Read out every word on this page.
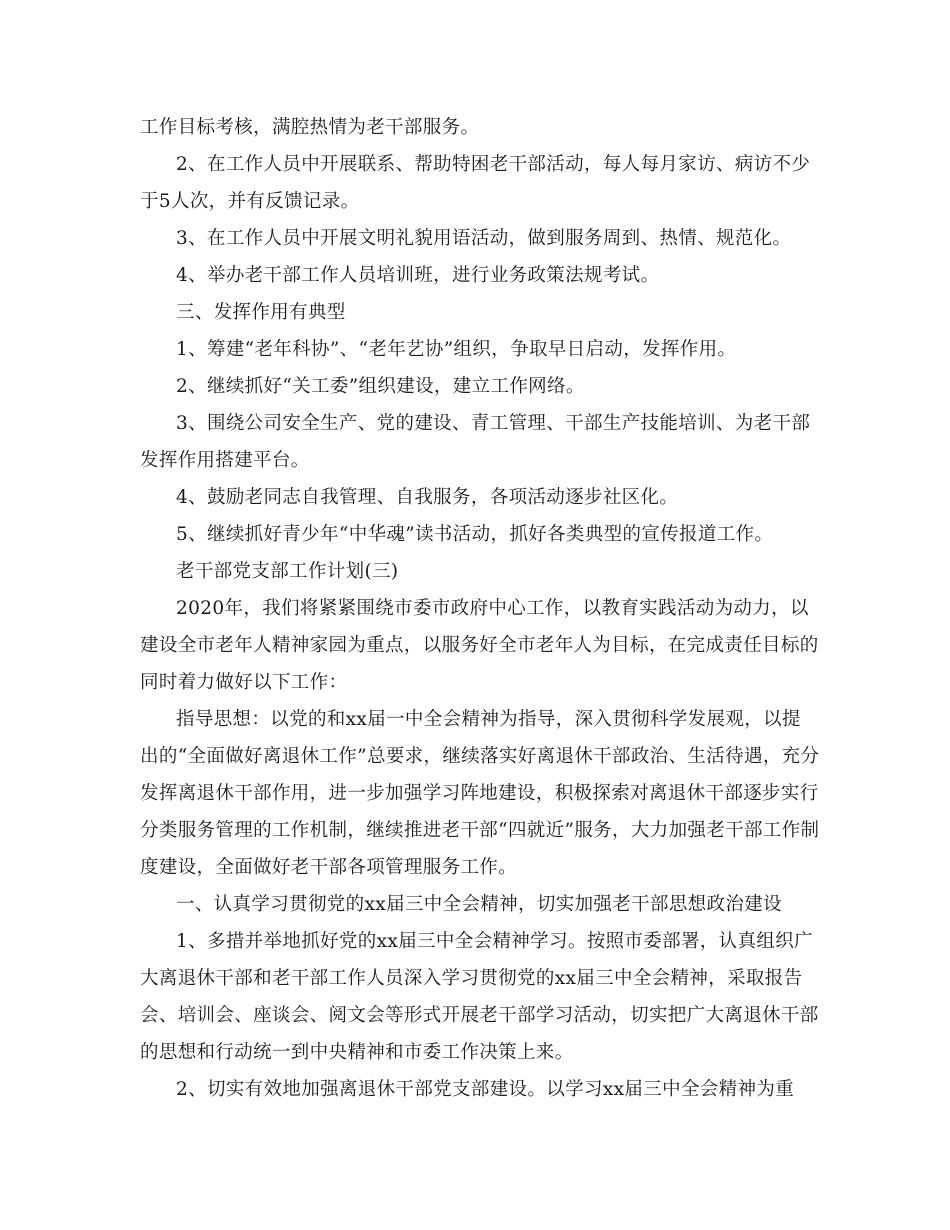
工作目标考核，满腔热情为老干部服务。
2、在工作人员中开展联系、帮助特困老干部活动，每人每月家访、病访不少
于5人次，并有反馈记录。
3、在工作人员中开展文明礼貌用语活动，做到服务周到、热情、规范化。
4、举办老干部工作人员培训班，进行业务政策法规考试。
三、发挥作用有典型
1、筹建“老年科协”、“老年艺协”组织，争取早日启动，发挥作用。
2、继续抓好“关工委”组织建设，建立工作网络。
3、围绕公司安全生产、党的建设、青工管理、干部生产技能培训、为老干部
发挥作用搭建平台。
4、鼓励老同志自我管理、自我服务，各项活动逐步社区化。
5、继续抓好青少年“中华魂”读书活动，抓好各类典型的宣传报道工作。
老干部党支部工作计划(三)
2020年，我们将紧紧围绕市委市政府中心工作，以教育实践活动为动力，以
建设全市老年人精神家园为重点，以服务好全市老年人为目标，在完成责任目标的
同时着力做好以下工作：
指导思想：以党的和xx届一中全会精神为指导，深入贯彻科学发展观，以提
出的“全面做好离退休工作”总要求，继续落实好离退休干部政治、生活待遇，充分
发挥离退休干部作用，进一步加强学习阵地建设，积极探索对离退休干部逐步实行
分类服务管理的工作机制，继续推进老干部“四就近”服务，大力加强老干部工作制
度建设，全面做好老干部各项管理服务工作。
一、认真学习贯彻党的xx届三中全会精神，切实加强老干部思想政治建设
1、多措并举地抓好党的xx届三中全会精神学习。按照市委部署，认真组织广
大离退休干部和老干部工作人员深入学习贯彻党的xx届三中全会精神，采取报告
会、培训会、座谈会、阅文会等形式开展老干部学习活动，切实把广大离退休干部
的思想和行动统一到中央精神和市委工作决策上来。
2、切实有效地加强离退休干部党支部建设。以学习xx届三中全会精神为重
